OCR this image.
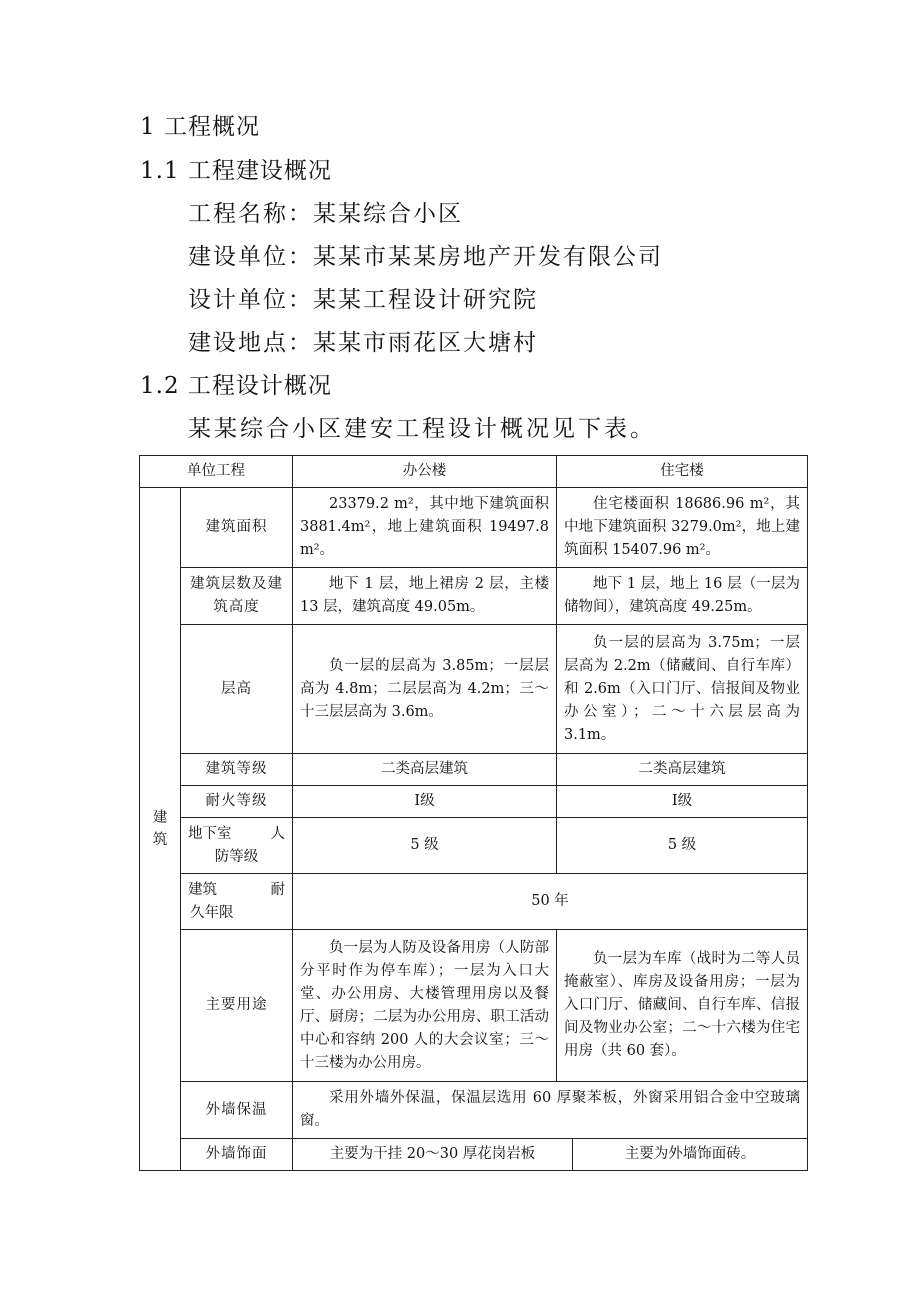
1 工程概况
1.1 工程建设概况
工程名称：某某综合小区
建设单位：某某市某某房地产开发有限公司
设计单位：某某工程设计研究院
建设地点：某某市雨花区大塘村
1.2 工程设计概况
某某综合小区建安工程设计概况见下表。
单位工程		办公楼	住宅楼	

建筑	建筑面积	23379.2 m²，其中地下建筑面积 3881.4m²，地上建筑面积 19497.8 m²。	住宅楼面积 18686.96 m²，其中地下建筑面积 3279.0m²，地上建筑面积 15407.96 m²。	
	建筑层数及建筑高度	地下 1 层，地上裙房 2 层，主楼 13 层，建筑高度 49.05m。	地下 1 层，地上 16 层（一层为储物间），建筑高度 49.25m。	
	层高	负一层的层高为 3.85m；一层层高为 4.8m；二层层高为 4.2m；三～十三层层高为 3.6m。	负一层的层高为 3.75m；一层层高为 2.2m（储藏间、自行车库）和 2.6m（入口门厅、信报间及物业办公室）；二～十六层层高为 3.1m。	
	建筑等级	二类高层建筑	二类高层建筑	
	耐火等级	Ⅰ级	Ⅰ级	

	地下室 人
防等级	5 级	5 级	

	建筑 耐
久年限	50 年		
	主要用途	负一层为人防及设备用房（人防部分平时作为停车库）；一层为入口大堂、办公用房、大楼管理用房以及餐厅、厨房；二层为办公用房、职工活动中心和容纳 200 人的大会议室；三～十三楼为办公用房。	负一层为车库（战时为二等人员掩蔽室）、库房及设备用房；一层为入口门厅、储藏间、自行车库、信报间及物业办公室；二～十六楼为住宅用房（共 60 套）。	
	外墙保温	采用外墙外保温，保温层选用 60 厚聚苯板，外窗采用铝合金中空玻璃窗。		
	外墙饰面	主要为干挂 20～30 厚花岗岩板		主要为外墙饰面砖。
